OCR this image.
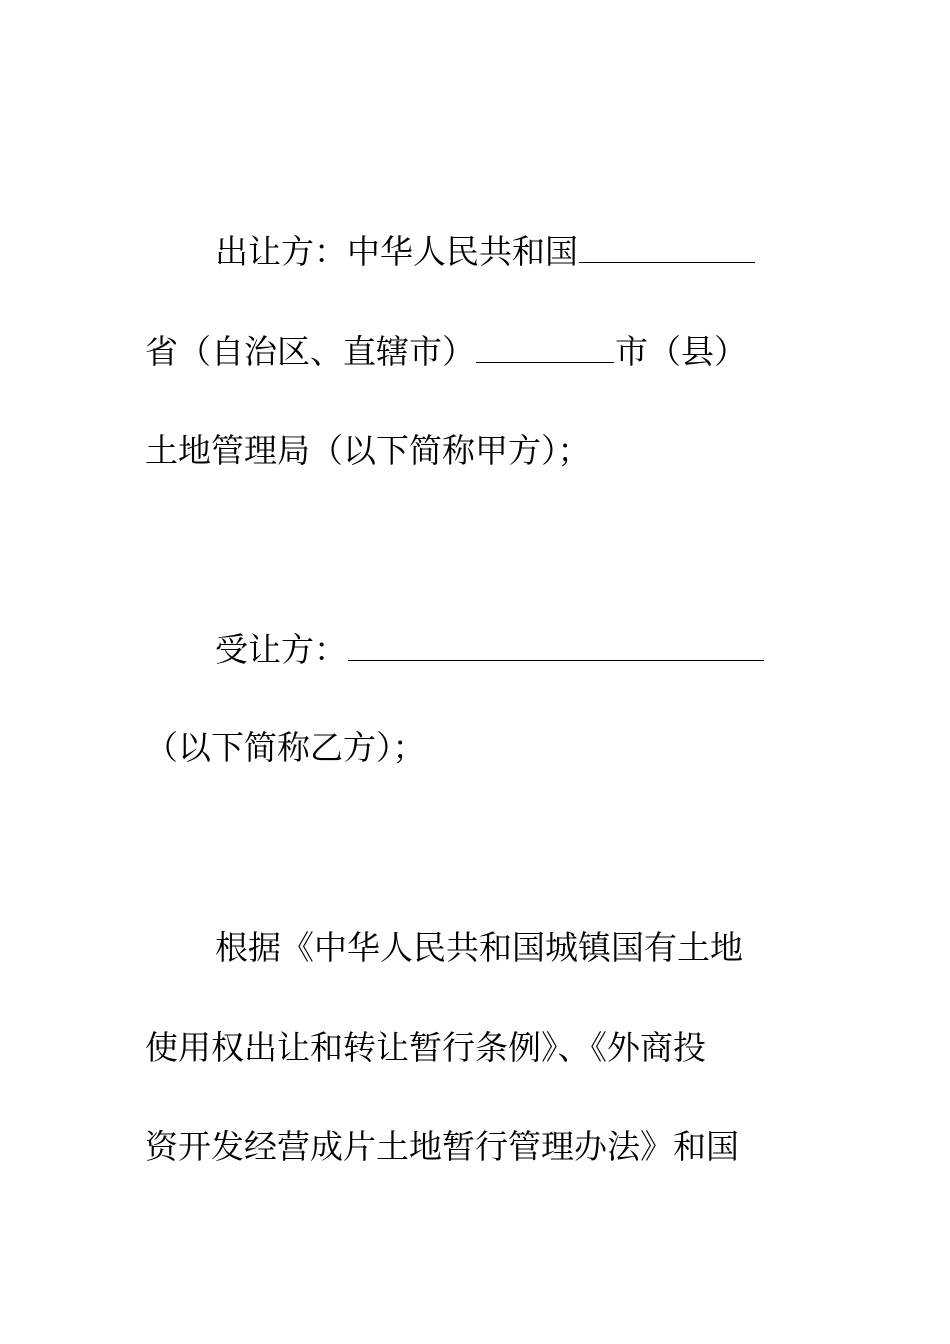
出让方：中华人民共和国
省（自治区、直辖市）	市（县）
土地管理局（以下简称甲方）；
受让方：
（以下简称乙方）；
根据《中华人民共和国城镇国有土地
使用权出让和转让暂行条例》、《外商投
资开发经营成片土地暂行管理办法》和国
